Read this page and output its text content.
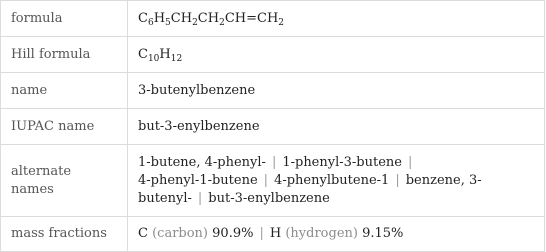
formula	$C_6H_5CH_2CH_2CH=CH_2$
Hill formula	$C_{10}H_{12}$
name	3-butenylbenzene
IUPAC name	but-3-enylbenzene
alternate names	1-butene, 4-phenyl- | 1-phenyl-3-butene |
4-phenyl-1-butene | 4-phenylbutene-1 | benzene, 3-butenyl- | but-3-enylbenzene
mass fractions	C (carbon) 90.9% | H (hydrogen) 9.15%
